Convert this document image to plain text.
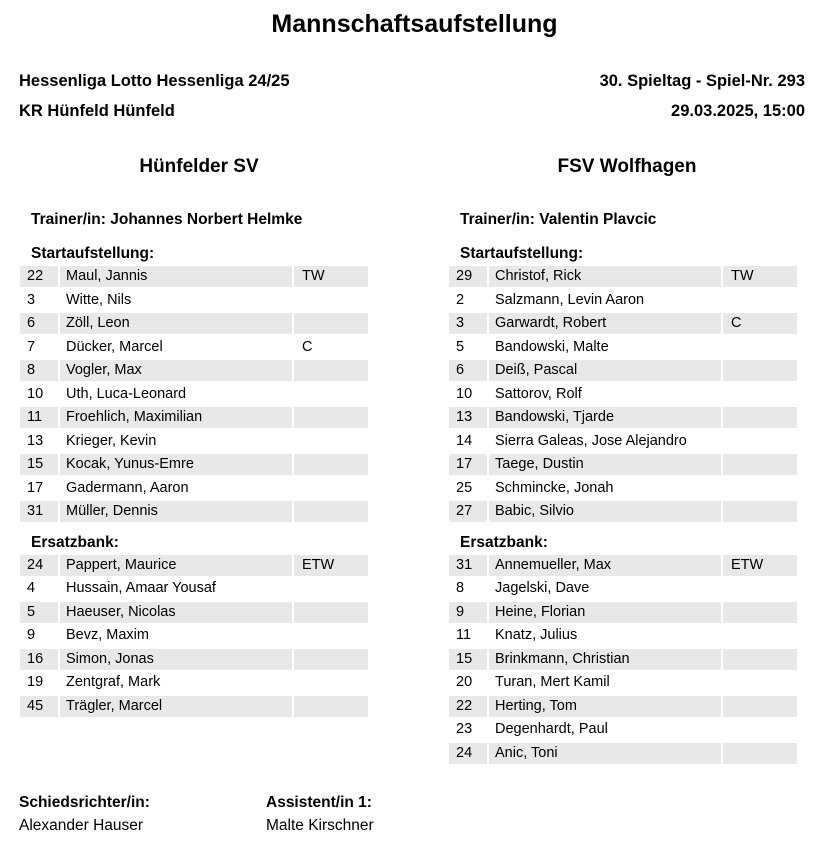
Mannschaftsaufstellung
Hessenliga Lotto Hessenliga 24/25	30. Spieltag - Spiel-Nr. 293
KR Hünfeld Hünfeld	29.03.2025, 15:00
Hünfelder SV	FSV Wolfhagen
Trainer/in: Johannes Norbert Helmke
Startaufstellung:
22	Maul, Jannis	TW
3	Witte, Nils
6	Zöll, Leon
7	Dücker, Marcel	C
8	Vogler, Max
10	Uth, Luca-Leonard
11	Froehlich, Maximilian
13	Krieger, Kevin
15	Kocak, Yunus-Emre
17	Gadermann, Aaron
31	Müller, Dennis
Ersatzbank:
24	Pappert, Maurice	ETW
4	Hussain, Amaar Yousaf
5	Haeuser, Nicolas
9	Bevz, Maxim
16	Simon, Jonas
19	Zentgraf, Mark
45	Trägler, Marcel
Trainer/in: Valentin Plavcic
Startaufstellung:
29	Christof, Rick	TW
2	Salzmann, Levin Aaron
3	Garwardt, Robert	C
5	Bandowski, Malte
6	Deiß, Pascal
10	Sattorov, Rolf
13	Bandowski, Tjarde
14	Sierra Galeas, Jose Alejandro
17	Taege, Dustin
25	Schmincke, Jonah
27	Babic, Silvio
Ersatzbank:
31	Annemueller, Max	ETW
8	Jagelski, Dave
9	Heine, Florian
11	Knatz, Julius
15	Brinkmann, Christian
20	Turan, Mert Kamil
22	Herting, Tom
23	Degenhardt, Paul
24	Anic, Toni
Schiedsrichter/in:
Alexander Hauser
Assistent/in 1:
Malte Kirschner
